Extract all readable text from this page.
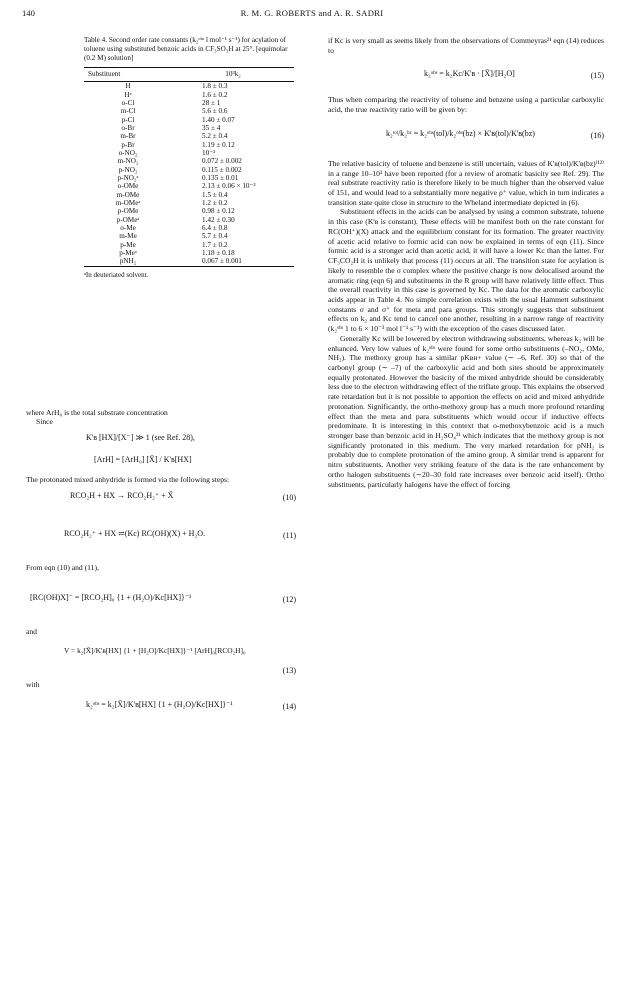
140	R. M. G. ROBERTS and A. R. SADRI
Table 4. Second order rate constants (k₂ᵒᵇˢ l mol⁻¹ s⁻¹) for acylation of toluene using substituted benzoic acids in CF₃SO₃H at 25°. [equimolar (0.2 M) solution]
Substituent	10³k₂
H	1.8 ± 0.3
Hᵃ	1.6 ± 0.2
o-Cl	28 ± 1
m-Cl	5.6 ± 0.6
p-Cl	1.40 ± 0.07
o-Br	35 ± 4
m-Br	5.2 ± 0.4
p-Br	1.19 ± 0.12
o-NO₂	10⁻³
m-NO₂	0.072 ± 0.002
p-NO₂	0.115 ± 0.002
p-NO₂ᵃ	0.135 ± 0.01
o-OMe	2.13 ± 0.06 × 10⁻³
m-OMe	1.5 ± 0.4
m-OMeᵃ	1.2 ± 0.2
p-OMe	0.98 ± 0.12
p-OMeᵃ	1.42 ± 0.30
o-Me	6.4 ± 0.8
m-Me	5.7 ± 0.4
p-Me	1.7 ± 0.2
p-Meᵃ	1.18 ± 0.18
pNH₂	0.067 ± 0.001
ᵃIn deuteriated solvent.

where ArH₀ is the total substrate concentration

Since

K'ʙ [HX]/[X⁻] ≫ 1 (see Ref. 28),
[ArH] = [ArH₀] [X̄] / K'ʙ[HX]

The protonated mixed anhydride is formed via the following steps:

RCO₂H + HX → RCO₂H₂⁺ + X̄	(10)
RCO₂H₂⁺ + HX ⇌(Kc) RC(OH)(X) + H₂O.	(11)

From eqn (10) and (11),

[RC(OH)X]⁻ = [RCO₂H]₀ {1 + (H₂O)/Kc[HX]}⁻¹	(12)

and

V = k₂[X̄]/K'ʙ[HX] {1 + [H₂O]/Kc[HX]}⁻¹ [ArH]₀[RCO₂H]₀
(13)

with

k₂ᵒᵇˢ = k₂[X̄]/K'ʙ[HX] {1 + (H₂O)/Kc[HX]}⁻¹	(14)

if Kc is very small as seems likely from the observations of Commeyras²¹ eqn (14) reduces to

k₂ᵒᵇˢ = k₂Kc/K'ʙ · [X̄]/[H₂O]	(15)

Thus when comparing the reactivity of toluene and benzene using a particular carboxylic acid, the true reactivity ratio will be given by:

k₂ᵗᵒˡ/k₂ᵇᶻ = k₂ᵒᵇˢ(tol)/k₂ᵒᵇˢ(bz) × K'ʙ(tol)/K'ʙ(bz)	(16)

The relative basicity of toluene and benzene is still uncertain, values of K'ʙ(tol)/K'ʙ(bz)⁽¹²⁾ in a range 10–10³ have been reported (for a review of aromatic basicity see Ref. 29). The real substrate reactivity ratio is therefore likely to be much higher than the observed value of 151, and would lead to a substantially more negative ρ⁺ value, which in turn indicates a transition state quite close in structure to the Wheland intermediate depicted in (6).

Substituent effects in the acids can be analysed by using a common substrate, toluene in this case (K'ʙ is constant). These effects will be manifest both on the rate constant for RC(OH⁺)(X) attack and the equilibrium constant for its formation. The greater reactivity of acetic acid relative to formic acid can now be explained in terms of eqn (11). Since formic acid is a stronger acid than acetic acid, it will have a lower Kc than the latter. For CF₃CO₂H it is unlikely that process (11) occurs at all. The transition state for acylation is likely to resemble the σ complex where the positive charge is now delocalised around the aromatic ring (eqn 6) and substituents in the R group will have relatively little effect. Thus the overall reactivity in this case is governed by Kc. The data for the aromatic carboxylic acids appear in Table 4. No simple correlation exists with the usual Hammett substituent constants σ and σ⁺ for meta and para groups. This strongly suggests that substituent effects on k₂ and Kc tend to cancel one another, resulting in a narrow range of reactivity (k₂ᵒᵇˢ 1 to 6 × 10⁻³ mol l⁻¹ s⁻¹) with the exception of the cases discussed later.

Generally Kc will be lowered by electron withdrawing substituents, whereas k₂ will be enhanced. Very low values of k₂ᵒᵇˢ were found for some ortho substituents (–NO₂, OMe, NH₂). The methoxy group has a similar pKʙʜ+ value (∼ –6, Ref. 30) so that of the carbonyl group (∼ –7) of the carboxylic acid and both sites should be approximately equally protonated. However the basicity of the mixed anhydride should be considerably less due to the electron withdrawing effect of the triflate group. This explains the observed rate retardation but it is not possible to apportion the effects on acid and mixed anhydride protonation. Significantly, the ortho-methoxy group has a much more profound retarding effect than the meta and para substituents which would occur if inductive effects predominate. It is interesting in this context that o-methoxybenzoic acid is a much stronger base than benzoic acid in H₂SO₄³¹ which indicates that the methoxy group is not significantly protonated in this medium. The very marked retardation for pNH₂ is probably due to complete protonation of the amino group. A similar trend is apparent for nitro substituents. Another very striking feature of the data is the rate enhancement by ortho halogen substituents (∼20–30 fold rate increases over benzoic acid itself). Ortho substituents, particularly halogens have the effect of forcing
